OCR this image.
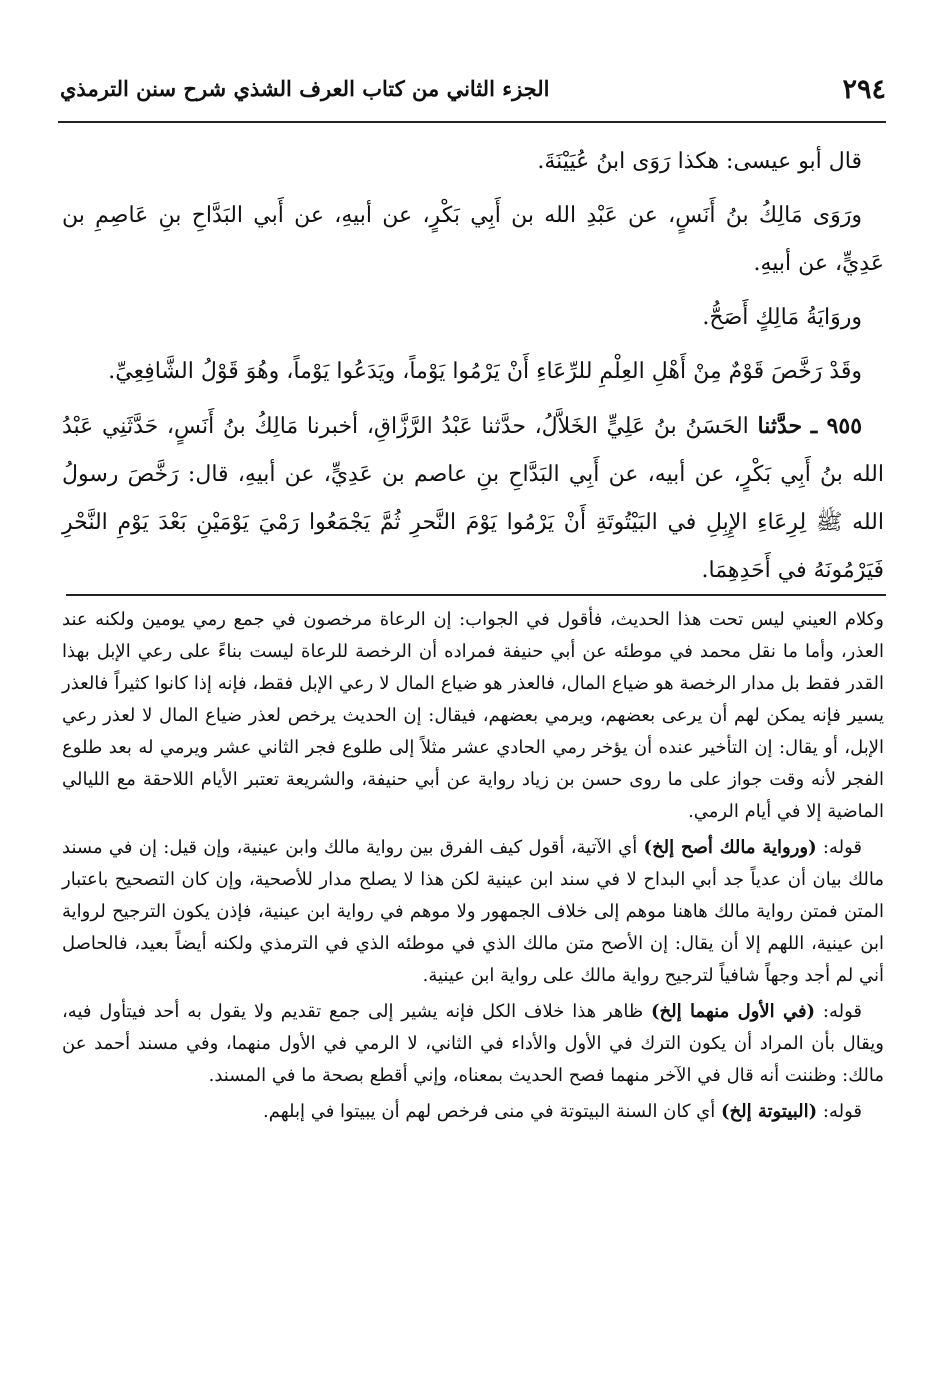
٢٩٤
الجزء الثاني من كتاب العرف الشذي شرح سنن الترمذي

قال أبو عيسى: هكذا رَوَى ابنُ عُيَيْنَةَ.

ورَوَى مَالِكُ بنُ أَنَسٍ، عن عَبْدِ الله بن أَبِي بَكْرٍ، عن أبيهِ، عن أَبي البَدَّاحِ بنِ عَاصِمِ بن عَدِيٍّ، عن أبيهِ.

وروَايَةُ مَالِكٍ أَصَحُّ.

وقَدْ رَخَّصَ قَوْمٌ مِنْ أَهْلِ العِلْمِ للرِّعَاءِ أَنْ يَرْمُوا يَوْماً، ويَدَعُوا يَوْماً، وهُوَ قَوْلُ الشَّافِعِيِّ.

٩٥٥ ـ حدَّثنا الحَسَنُ بنُ عَلِيٍّ الخَلاَّلُ، حدَّثنا عَبْدُ الرَّزَّاقِ، أخبرنا مَالِكُ بنُ أَنَسٍ، حَدَّثَنِي عَبْدُ الله بنُ أَبِي بَكْرٍ، عن أبيه، عن أَبِي البَدَّاحِ بنِ عاصم بن عَدِيٍّ، عن أبيهِ، قال: رَخَّصَ رسولُ الله ﷺ لِرِعَاءِ الإِبِلِ في البَيْتُوتَةِ أَنْ يَرْمُوا يَوْمَ النَّحرِ ثُمَّ يَجْمَعُوا رَمْيَ يَوْمَيْنِ بَعْدَ يَوْمِ النَّحْرِ فَيَرْمُونَهُ في أَحَدِهِمَا.

وكلام العيني ليس تحت هذا الحديث، فأقول في الجواب: إن الرعاة مرخصون في جمع رمي يومين ولكنه عند العذر، وأما ما نقل محمد في موطئه عن أبي حنيفة فمراده أن الرخصة للرعاة ليست بناءً على رعي الإبل بهذا القدر فقط بل مدار الرخصة هو ضياع المال، فالعذر هو ضياع المال لا رعي الإبل فقط، فإنه إذا كانوا كثيراً فالعذر يسير فإنه يمكن لهم أن يرعى بعضهم، ويرمي بعضهم، فيقال: إن الحديث يرخص لعذر ضياع المال لا لعذر رعي الإبل، أو يقال: إن التأخير عنده أن يؤخر رمي الحادي عشر مثلاً إلى طلوع فجر الثاني عشر ويرمي له بعد طلوع الفجر لأنه وقت جواز على ما روى حسن بن زياد رواية عن أبي حنيفة، والشريعة تعتبر الأيام اللاحقة مع الليالي الماضية إلا في أيام الرمي.

قوله: (ورواية مالك أصح إلخ) أي الآتية، أقول كيف الفرق بين رواية مالك وابن عينية، وإن قيل: إن في مسند مالك بيان أن عدياً جد أبي البداح لا في سند ابن عينية لكن هذا لا يصلح مدار للأصحية، وإن كان التصحيح باعتبار المتن فمتن رواية مالك هاهنا موهم إلى خلاف الجمهور ولا موهم في رواية ابن عينية، فإذن يكون الترجيح لرواية ابن عينية، اللهم إلا أن يقال: إن الأصح متن مالك الذي في موطئه الذي في الترمذي ولكنه أيضاً بعيد، فالحاصل أني لم أجد وجهاً شافياً لترجيح رواية مالك على رواية ابن عينية.

قوله: (في الأول منهما إلخ) ظاهر هذا خلاف الكل فإنه يشير إلى جمع تقديم ولا يقول به أحد فيتأول فيه، ويقال بأن المراد أن يكون الترك في الأول والأداء في الثاني، لا الرمي في الأول منهما، وفي مسند أحمد عن مالك: وظننت أنه قال في الآخر منهما فصح الحديث بمعناه، وإني أقطع بصحة ما في المسند.

قوله: (البيتوتة إلخ) أي كان السنة البيتوتة في منى فرخص لهم أن يبيتوا في إبلهم.
